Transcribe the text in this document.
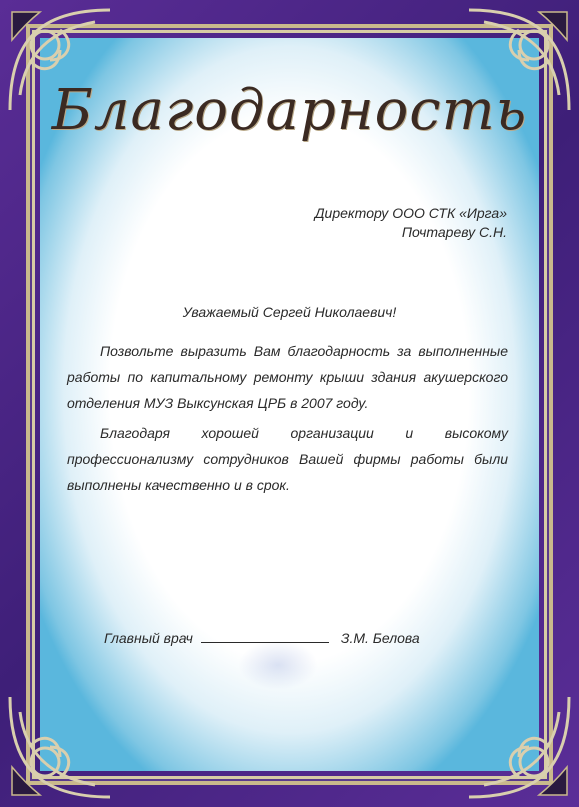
Благодарность
Директору ООО СТК «Ирга»
Почтареву С.Н.
Уважаемый Сергей Николаевич!

Позвольте выразить Вам благодарность за выполненные работы по капитальному ремонту крыши здания акушерского отделения МУЗ Выксунская ЦРБ в 2007 году.

Благодаря хорошей организации и высокому профессионализму сотрудников Вашей фирмы работы были выполнены качественно и в срок.

Главный врач	З.М. Белова
